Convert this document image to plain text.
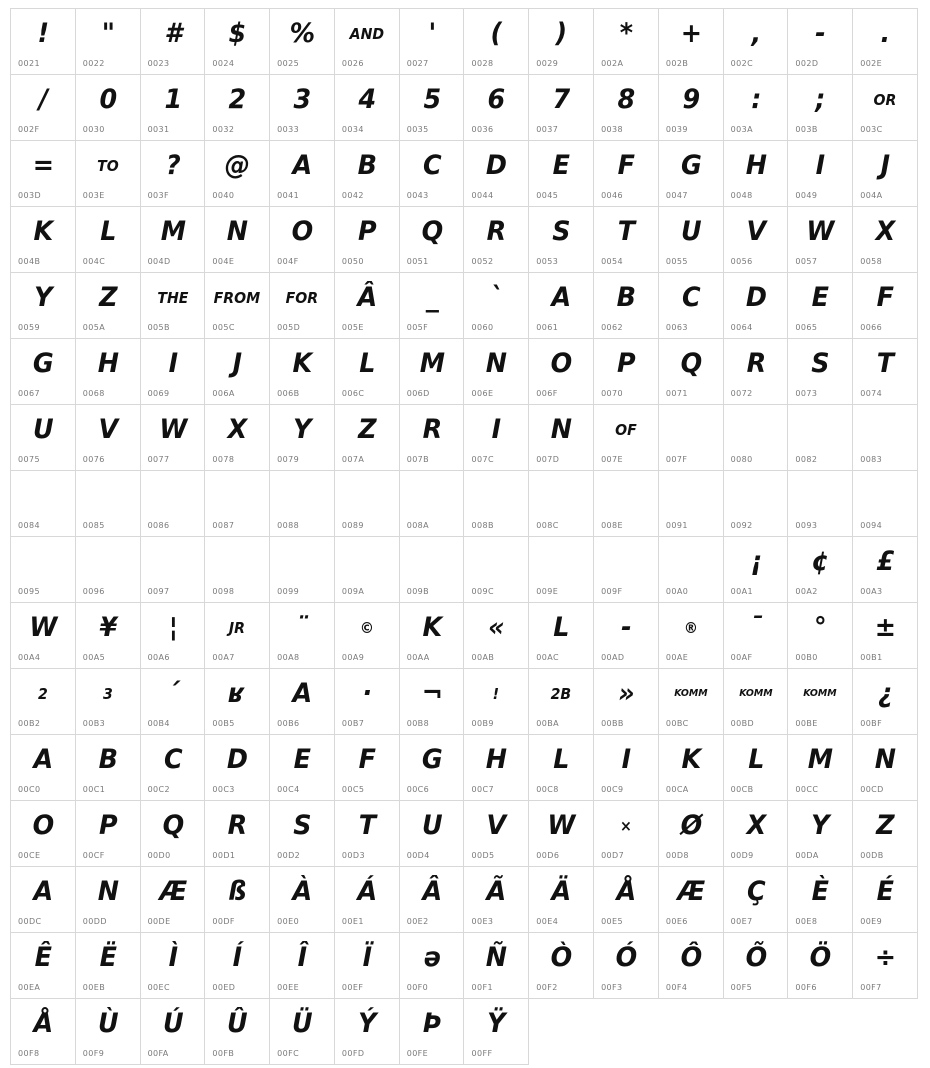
!
0021
"
0022
#
0023
$
0024
%
0025
AND
0026
'
0027
(
0028
)
0029
*
002A
+
002B
,
002C
-
002D
.
002E
/
002F
0
0030
1
0031
2
0032
3
0033
4
0034
5
0035
6
0036
7
0037
8
0038
9
0039
:
003A
;
003B
OR
003C
=
003D
TO
003E
?
003F
@
0040
A
0041
B
0042
C
0043
D
0044
E
0045
F
0046
G
0047
H
0048
I
0049
J
004A
K
004B
L
004C
M
004D
N
004E
O
004F
P
0050
Q
0051
R
0052
S
0053
T
0054
U
0055
V
0056
W
0057
X
0058
Y
0059
Z
005A
THE
005B
FROM
005C
FOR
005D
Â
005E
_
005F
`
0060
A
0061
B
0062
C
0063
D
0064
E
0065
F
0066
G
0067
H
0068
I
0069
J
006A
K
006B
L
006C
M
006D
N
006E
O
006F
P
0070
Q
0071
R
0072
S
0073
T
0074
U
0075
V
0076
W
0077
X
0078
Y
0079
Z
007A
R
007B
I
007C
N
007D
OF
007E	007F	0080	0082	0083
0084	0085	0086	0087	0088	0089	008A	008B	008C	008E	0091	0092	0093	0094
0095	0096	0097	0098	0099	009A	009B	009C	009E	009F	00A0
¡
00A1
¢
00A2
£
00A3
W
00A4
¥
00A5
¦
00A6
JR
00A7
¨
00A8
©
00A9
K
00AA
«
00AB
L
00AC
-
00AD
®
00AE
¯
00AF
°
00B0
±
00B1
2
00B2
3
00B3
´
00B4
ʁ
00B5
A
00B6
·
00B7
¬
00B8
!
00B9
2B
00BA
»
00BB
KOMM
00BC
KOMM
00BD
KOMM
00BE
¿
00BF
A
00C0
B
00C1
C
00C2
D
00C3
E
00C4
F
00C5
G
00C6
H
00C7
L
00C8
I
00C9
K
00CA
L
00CB
M
00CC
N
00CD
O
00CE
P
00CF
Q
00D0
R
00D1
S
00D2
T
00D3
U
00D4
V
00D5
W
00D6
×
00D7
Ø
00D8
X
00D9
Y
00DA
Z
00DB
A
00DC
N
00DD
Æ
00DE
ß
00DF
À
00E0
Á
00E1
Â
00E2
Ã
00E3
Ä
00E4
Å
00E5
Æ
00E6
Ç
00E7
È
00E8
É
00E9
Ê
00EA
Ë
00EB
Ì
00EC
Í
00ED
Î
00EE
Ï
00EF
ə
00F0
Ñ
00F1
Ò
00F2
Ó
00F3
Ô
00F4
Õ
00F5
Ö
00F6
÷
00F7
Å
00F8
Ù
00F9
Ú
00FA
Û
00FB
Ü
00FC
Ý
00FD
Þ
00FE
Ÿ
00FF
